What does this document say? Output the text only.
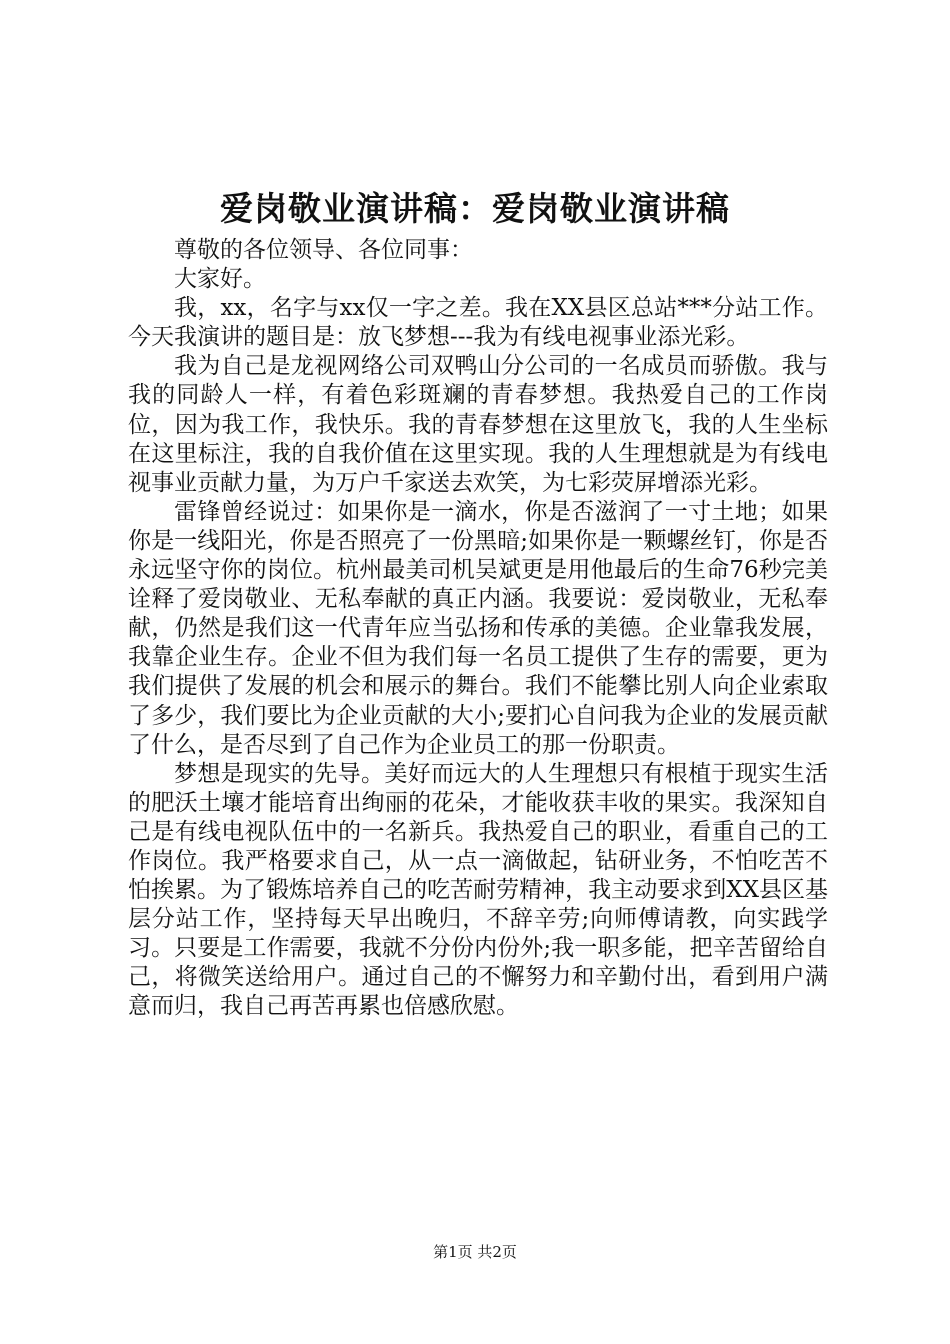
爱岗敬业演讲稿：爱岗敬业演讲稿

尊敬的各位领导、各位同事：

大家好。

我，xx，名字与xx仅一字之差。我在XX县区总站***分站工作。今天我演讲的题目是：放飞梦想---我为有线电视事业添光彩。

我为自己是龙视网络公司双鸭山分公司的一名成员而骄傲。我与我的同龄人一样，有着色彩斑斓的青春梦想。我热爱自己的工作岗位，因为我工作，我快乐。我的青春梦想在这里放飞，我的人生坐标在这里标注，我的自我价值在这里实现。我的人生理想就是为有线电视事业贡献力量，为万户千家送去欢笑，为七彩荧屏增添光彩。

雷锋曾经说过：如果你是一滴水，你是否滋润了一寸土地；如果你是一线阳光，你是否照亮了一份黑暗;如果你是一颗螺丝钉，你是否永远坚守你的岗位。杭州最美司机吴斌更是用他最后的生命76秒完美诠释了爱岗敬业、无私奉献的真正内涵。我要说：爱岗敬业，无私奉献，仍然是我们这一代青年应当弘扬和传承的美德。企业靠我发展，我靠企业生存。企业不但为我们每一名员工提供了生存的需要，更为我们提供了发展的机会和展示的舞台。我们不能攀比别人向企业索取了多少，我们要比为企业贡献的大小;要扪心自问我为企业的发展贡献了什么，是否尽到了自己作为企业员工的那一份职责。

梦想是现实的先导。美好而远大的人生理想只有根植于现实生活的肥沃土壤才能培育出绚丽的花朵，才能收获丰收的果实。我深知自己是有线电视队伍中的一名新兵。我热爱自己的职业，看重自己的工作岗位。我严格要求自己，从一点一滴做起，钻研业务，不怕吃苦不怕挨累。为了锻炼培养自己的吃苦耐劳精神，我主动要求到XX县区基层分站工作，坚持每天早出晚归，不辞辛劳;向师傅请教，向实践学习。只要是工作需要，我就不分份内份外;我一职多能，把辛苦留给自己，将微笑送给用户。通过自己的不懈努力和辛勤付出，看到用户满意而归，我自己再苦再累也倍感欣慰。

第1页 共2页
